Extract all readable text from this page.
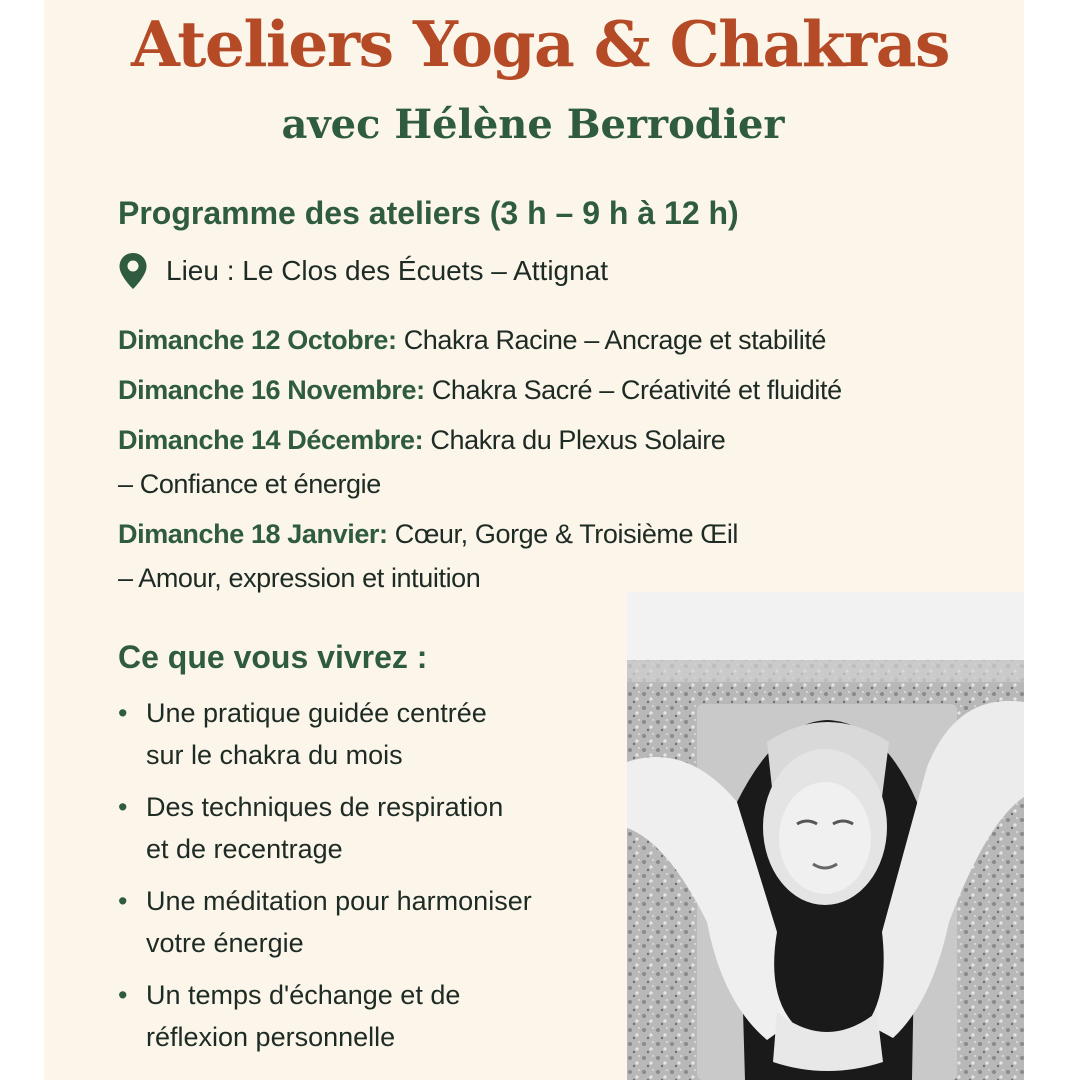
Ateliers Yoga & Chakras
avec Hélène Berrodier
Programme des ateliers (3 h – 9 h à 12 h)
Lieu : Le Clos des Écuets – Attignat
Dimanche 12 Octobre: Chakra Racine – Ancrage et stabilité
Dimanche 16 Novembre: Chakra Sacré – Créativité et fluidité
Dimanche 14 Décembre: Chakra du Plexus Solaire
– Confiance et énergie
Dimanche 18 Janvier: Cœur, Gorge & Troisième Œil
– Amour, expression et intuition
Ce que vous vivrez :
• Une pratique guidée centrée
sur le chakra du mois
• Des techniques de respiration
et de recentrage
• Une méditation pour harmoniser
votre énergie
• Un temps d'échange et de
réflexion personnelle
